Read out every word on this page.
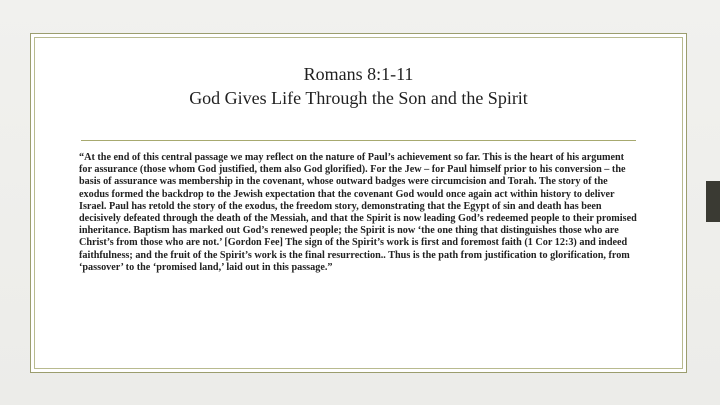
Romans 8:1-11
God Gives Life Through the Son and the Spirit
“At the end of this central passage we may reflect on the nature of Paul’s achievement so far. This is the heart of his argument for assurance (those whom God justified, them also God glorified). For the Jew – for Paul himself prior to his conversion – the basis of assurance was membership in the covenant, whose outward badges were circumcision and Torah. The story of the exodus formed the backdrop to the Jewish expectation that the covenant God would once again act within history to deliver Israel. Paul has retold the story of the exodus, the freedom story, demonstrating that the Egypt of sin and death has been decisively defeated through the death of the Messiah, and that the Spirit is now leading God’s redeemed people to their promised inheritance. Baptism has marked out God’s renewed people; the Spirit is now ‘the one thing that distinguishes those who are Christ’s from those who are not.’ [Gordon Fee] The sign of the Spirit’s work is first and foremost faith (1 Cor 12:3) and indeed faithfulness; and the fruit of the Spirit’s work is the final resurrection.. Thus is the path from justification to glorification, from ‘passover’ to the ‘promised land,’ laid out in this passage.”
